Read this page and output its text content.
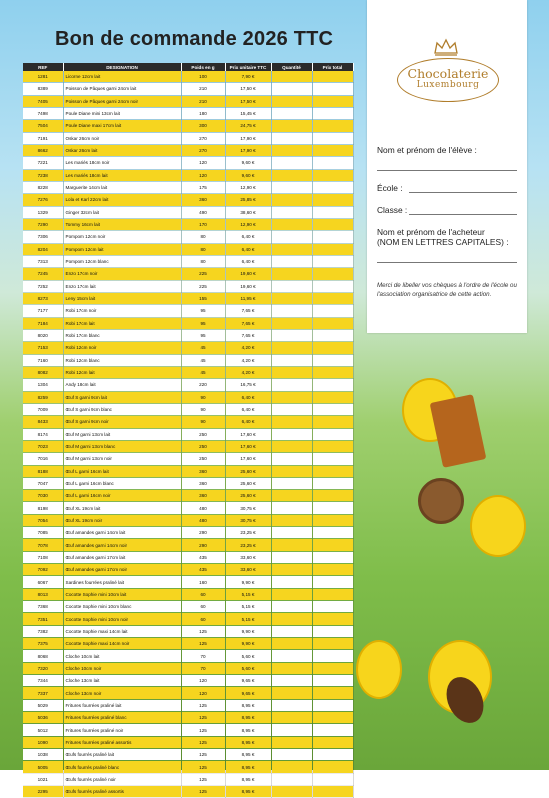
Bon de commande 2026 TTC
REF	DESIGNATION	Poids en g	Prix unitaire TTC	Quantité	Prix total
1281	Licorne 12cm lait	100	7,90 €		
8389	Poisson de Pâques garni 24cm lait	210	17,50 €		
7405	Poisson de Pâques garni 24cm noir	210	17,50 €		
7498	Poule Diane mini 13cm lait	180	15,45 €		
7504	Poule Diane maxi 17cm lait	300	24,75 €		
7191	Oskar 26cm noir	270	17,90 €		
8662	Oskar 26cm lait	270	17,90 €		
7221	Les mariés 18cm noir	120	9,60 €		
7238	Les mariés 18cm lait	120	9,60 €		
8228	Marguerite 14cm lait	175	12,90 €		
7276	Lola et Karl 22cm lait	360	25,85 €		
1329	Ginger 32cm lait	490	38,60 €		
7290	Tommy 16cm lait	170	12,90 €		
7306	Pompom 12cm noir	80	6,40 €		
8204	Pompom 12cm lait	80	6,40 €		
7313	Pompom 12cm blanc	80	6,40 €		
7245	Enzo 17cm noir	225	19,60 €		
7252	Enzo 17cm lait	225	19,60 €		
8273	Leny 15cm lait	155	11,95 €		
7177	Robi 17cm noir	95	7,65 €		
7184	Robi 17cm lait	95	7,65 €		
8020	Robi 17cm blanc	95	7,65 €		
7153	Robi 12cm noir	45	4,20 €		
7160	Robi 12cm blanc	45	4,20 €		
8082	Robi 12cm lait	45	4,20 €		
1304	Andy 18cm lait	220	16,75 €		
8259	Œuf S garni 9cm lait	90	6,40 €		
7009	Œuf S garni 9cm blanc	90	6,40 €		
8433	Œuf S garni 9cm noir	90	6,40 €		
8174	Œuf M garni 13cm lait	250	17,60 €		
7023	Œuf M garni 13cm blanc	250	17,60 €		
7016	Œuf M garni 13cm noir	250	17,60 €		
8188	Œuf L garni 16cm lait	360	25,60 €		
7047	Œuf L garni 16cm blanc	360	25,60 €		
7030	Œuf L garni 16cm noir	360	25,60 €		
8198	Œuf XL 19cm lait	480	30,75 €		
7054	Œuf XL 19cm noir	480	30,75 €		
7085	Œuf amandes garni 14cm lait	290	23,25 €		
7078	Œuf amandes garni 14cm noir	290	23,25 €		
7108	Œuf amandes garni 17cm lait	435	33,60 €		
7092	Œuf amandes garni 17cm noir	435	33,60 €		
6067	Sardines fourrées praliné lait	160	9,90 €		
8013	Cocotte Sophie mini 10cm lait	60	5,15 €		
7368	Cocotte Sophie mini 10cm blanc	60	5,15 €		
7351	Cocotte Sophie mini 10cm noir	60	5,15 €		
7382	Cocotte Sophie maxi 14cm lait	125	9,90 €		
7375	Cocotte Sophie maxi 14cm noir	125	9,90 €		
8068	Cloche 10cm lait	70	5,60 €		
7320	Cloche 10cm noir	70	5,60 €		
7344	Cloche 13cm lait	120	9,65 €		
7337	Cloche 13cm noir	120	9,65 €		
5029	Fritures fourrées praliné lait	125	8,95 €		
5036	Fritures fourrées praliné blanc	125	8,95 €		
5012	Fritures fourrées praliné noir	125	8,95 €		
1090	Fritures fourrées praliné assortis	125	8,95 €		
1038	Œufs fourrés praliné lait	125	8,95 €		
5005	Œufs fourrés praliné blanc	125	8,95 €		
1021	Œufs fourrés praliné noir	125	8,95 €		
2295	Œufs fourrés praliné assortis	125	8,95 €		
Chocolaterie
Luxembourg
Nom et prénom de l'élève :
École :
Classe :
Nom et prénom de l'acheteur
(NOM EN LETTRES CAPITALES) :
Merci de libeller vos chèques à l'ordre de l'école ou l'association organisatrice de cette action.
